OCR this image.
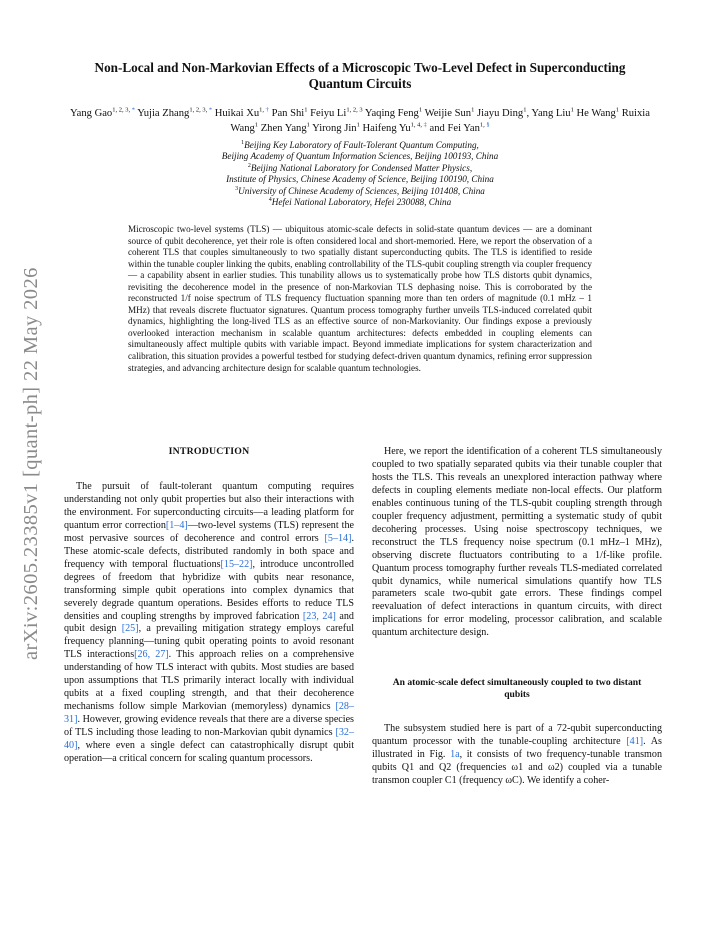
arXiv:2605.23385v1 [quant-ph] 22 May 2026
Non-Local and Non-Markovian Effects of a Microscopic Two-Level Defect in Superconducting Quantum Circuits
Yang Gao$^{1, 2, 3, *}$ Yujia Zhang$^{1, 2, 3, *}$ Huikai $Xu^{1, \dagger}$ Pan Shi$^1$ Feiyu Li$^{1, 2, 3}$ Yaqing Feng$^1$ Weijie Sun$^1$ Jiayu Ding$^1$, Yang Liu$^1$ He Wang$^1$ Ruixia Wang$^1$ Zhen Yang$^1$ Yirong Jin$^1$ Haifeng $Yu^{1, 4, \ddagger}$ and Fei Yan$^{1, \S}$
$^1$Beijing Key Laboratory of Fault-Tolerant Quantum Computing,
Beijing Academy of Quantum Information Sciences, Beijing 100193, China
$^2$Beijing National Laboratory for Condensed Matter Physics,
Institute of Physics, Chinese Academy of Science, Beijing 100190, China
$^3$University of Chinese Academy of Sciences, Beijing 101408, China
$^4$Hefei National Laboratory, Hefei 230088, China
Microscopic two-level systems (TLS) — ubiquitous atomic-scale defects in solid-state quantum devices — are a dominant source of qubit decoherence, yet their role is often considered local and short-memoried. Here, we report the observation of a coherent TLS that couples simultaneously to two spatially distant superconducting qubits. The TLS is identified to reside within the tunable coupler linking the qubits, enabling controllability of the TLS-qubit coupling strength via coupler frequency — a capability absent in earlier studies. This tunability allows us to systematically probe how TLS distorts qubit dynamics, revisiting the decoherence model in the presence of non-Markovian TLS dephasing noise. This is corroborated by the reconstructed 1/f noise spectrum of TLS frequency fluctuation spanning more than ten orders of magnitude (0.1 mHz – 1 MHz) that reveals discrete fluctuator signatures. Quantum process tomography further unveils TLS-induced correlated qubit dynamics, highlighting the long-lived TLS as an effective source of non-Markovianity. Our findings expose a previously overlooked interaction mechanism in scalable quantum architectures: defects embedded in coupling elements can simultaneously affect multiple qubits with variable impact. Beyond immediate implications for system characterization and calibration, this situation provides a powerful testbed for studying defect-driven quantum dynamics, refining error suppression strategies, and advancing architecture design for scalable quantum technologies.
INTRODUCTION

The pursuit of fault-tolerant quantum computing requires understanding not only qubit properties but also their interactions with the environment. For superconducting circuits—a leading platform for quantum error correction[1–4]—two-level systems (TLS) represent the most pervasive sources of decoherence and control errors [5–14]. These atomic-scale defects, distributed randomly in both space and frequency with temporal fluctuations[15–22], introduce uncontrolled degrees of freedom that hybridize with qubits near resonance, transforming simple qubit operations into complex dynamics that severely degrade quantum operations. Besides efforts to reduce TLS densities and coupling strengths by improved fabrication [23, 24] and qubit design [25], a prevailing mitigation strategy employs careful frequency planning—tuning qubit operating points to avoid resonant TLS interactions[26, 27]. This approach relies on a comprehensive understanding of how TLS interact with qubits. Most studies are based upon assumptions that TLS primarily interact locally with individual qubits at a fixed coupling strength, and that their decoherence mechanisms follow simple Markovian (memoryless) dynamics [28–31]. However, growing evidence reveals that there are a diverse species of TLS including those leading to non-Markovian qubit dynamics [32–40], where even a single defect can catastrophically disrupt qubit operation—a critical concern for scaling quantum processors.

Here, we report the identification of a coherent TLS simultaneously coupled to two spatially separated qubits via their tunable coupler that hosts the TLS. This reveals an unexplored interaction pathway where defects in coupling elements mediate non-local effects. Our platform enables continuous tuning of the TLS-qubit coupling strength through coupler frequency adjustment, permitting a systematic study of qubit decohering processes. Using noise spectroscopy techniques, we reconstruct the TLS frequency noise spectrum (0.1 mHz–1 MHz), observing discrete fluctuators contributing to a 1/f-like profile. Quantum process tomography further reveals TLS-mediated correlated qubit dynamics, while numerical simulations quantify how TLS parameters scale two-qubit gate errors. These findings compel reevaluation of defect interactions in quantum circuits, with direct implications for error modeling, processor calibration, and scalable quantum architecture design.

An atomic-scale defect simultaneously coupled to two distant qubits

The subsystem studied here is part of a 72-qubit superconducting quantum processor with the tunable-coupling architecture [41]. As illustrated in Fig. 1a, it consists of two frequency-tunable transmon qubits Q1 and Q2 (frequencies ω1 and ω2) coupled via a tunable transmon coupler C1 (frequency ωC). We identify a coher-
